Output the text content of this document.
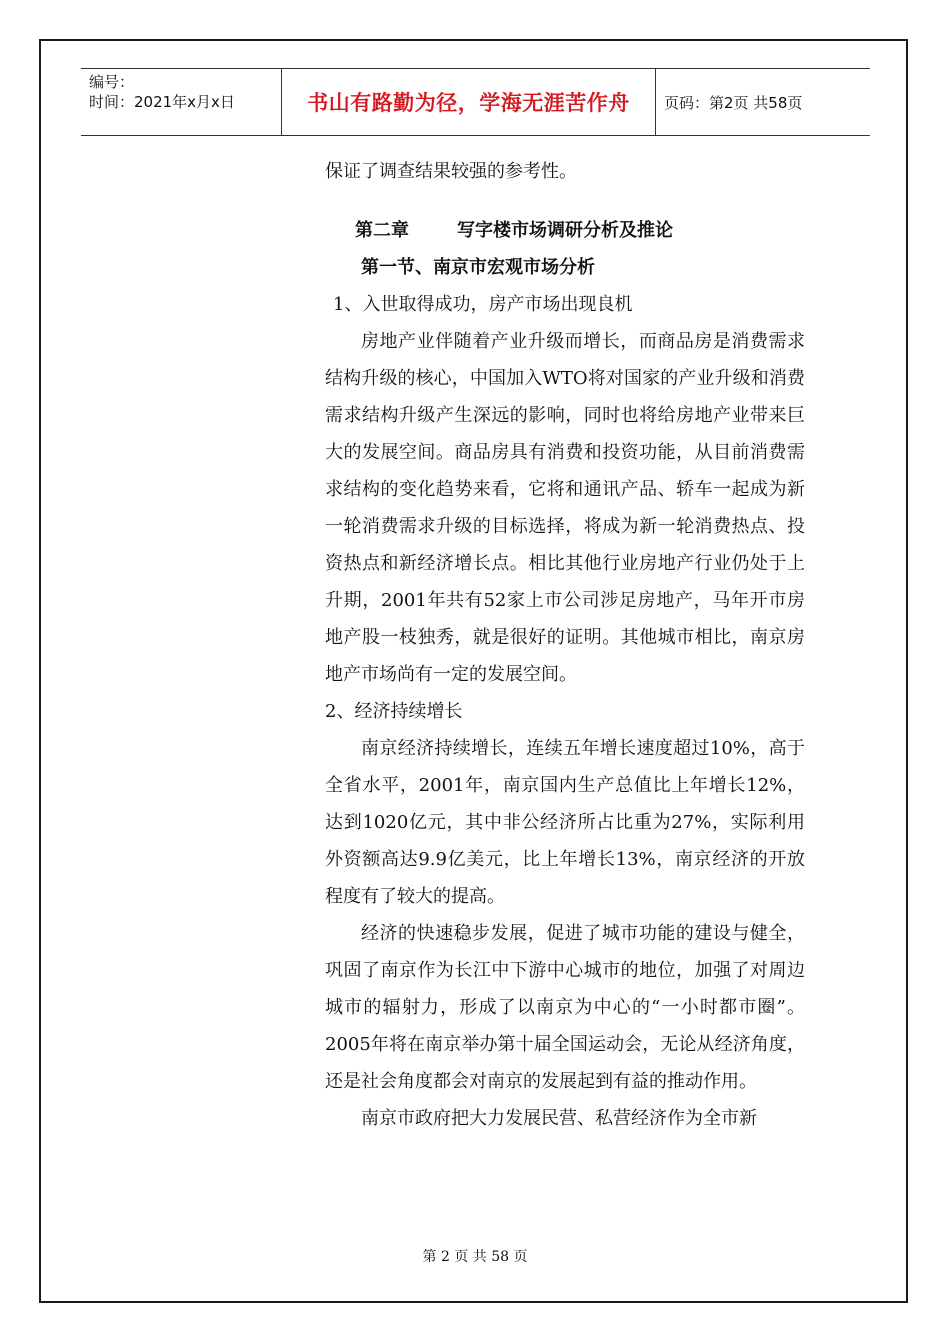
编号：
时间：2021年x月x日	书山有路勤为径，学海无涯苦作舟	页码：第2页 共58页

保证了调查结果较强的参考性。

第二章	写字楼市场调研分析及推论

第一节、南京市宏观市场分析

1、入世取得成功，房产市场出现良机

房地产业伴随着产业升级而增长，而商品房是消费需求结构升级的核心，中国加入WTO将对国家的产业升级和消费需求结构升级产生深远的影响，同时也将给房地产业带来巨大的发展空间。商品房具有消费和投资功能，从目前消费需求结构的变化趋势来看，它将和通讯产品、轿车一起成为新一轮消费需求升级的目标选择，将成为新一轮消费热点、投资热点和新经济增长点。相比其他行业房地产行业仍处于上升期，2001年共有52家上市公司涉足房地产，马年开市房地产股一枝独秀，就是很好的证明。其他城市相比，南京房地产市场尚有一定的发展空间。

2、经济持续增长

南京经济持续增长，连续五年增长速度超过10%，高于全省水平，2001年，南京国内生产总值比上年增长12%，达到1020亿元，其中非公经济所占比重为27%，实际利用外资额高达9.9亿美元，比上年增长13%，南京经济的开放程度有了较大的提高。

经济的快速稳步发展，促进了城市功能的建设与健全，巩固了南京作为长江中下游中心城市的地位，加强了对周边城市的辐射力，形成了以南京为中心的“一小时都市圈”。2005年将在南京举办第十届全国运动会，无论从经济角度，还是社会角度都会对南京的发展起到有益的推动作用。

南京市政府把大力发展民营、私营经济作为全市新

第 2 页 共 58 页
